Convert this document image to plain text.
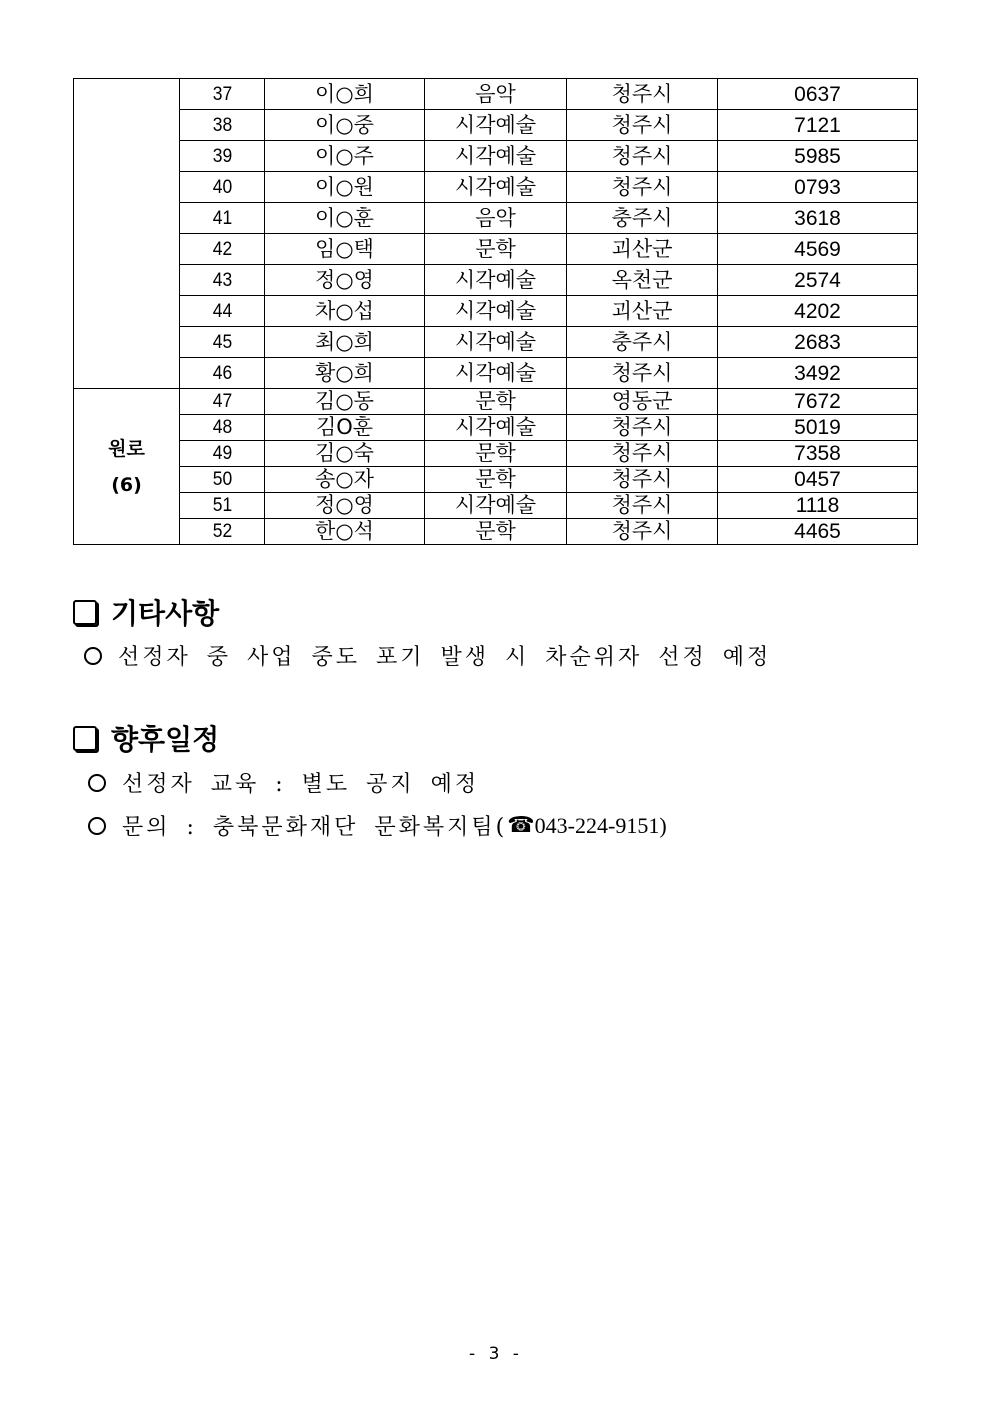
	37	이○희	음악	청주시	0637
	38	이○중	시각예술	청주시	7121
	39	이○주	시각예술	청주시	5985
	40	이○원	시각예술	청주시	0793
	41	이○훈	음악	충주시	3618
	42	임○택	문학	괴산군	4569
	43	정○영	시각예술	옥천군	2574
	44	차○섭	시각예술	괴산군	4202
	45	최○희	시각예술	충주시	2683
	46	황○희	시각예술	청주시	3492

원로
(6)	47	김○동	문학	영동군	7672
	48	김O훈	시각예술	청주시	5019
	49	김○숙	문학	청주시	7358
	50	송○자	문학	청주시	0457
	51	정○영	시각예술	청주시	1118
	52	한○석	문학	청주시	4465
기타사항
선정자 중 사업 중도 포기 발생 시 차순위자 선정 예정
향후일정
선정자 교육 : 별도 공지 예정
문의 : 충북문화재단 문화복지팀( ☎ 043-224-9151)
- 3 -
